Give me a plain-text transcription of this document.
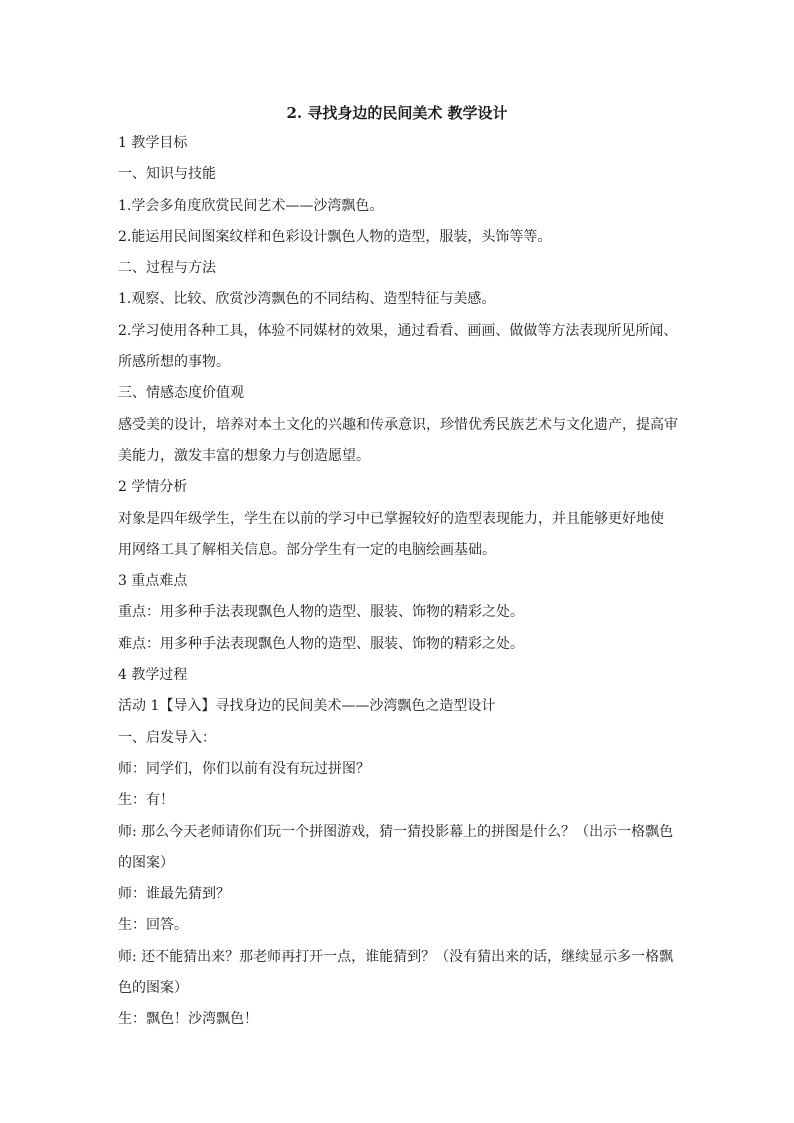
2. 寻找身边的民间美术 教学设计
1 教学目标
一、知识与技能
1.学会多角度欣赏民间艺术——沙湾飘色。
2.能运用民间图案纹样和色彩设计飘色人物的造型，服装，头饰等等。
二、过程与方法
1.观察、比较、欣赏沙湾飘色的不同结构、造型特征与美感。
2.学习使用各种工具，体验不同媒材的效果，通过看看、画画、做做等方法表现所见所闻、
所感所想的事物。
三、情感态度价值观
感受美的设计，培养对本土文化的兴趣和传承意识，珍惜优秀民族艺术与文化遗产，提高审
美能力，激发丰富的想象力与创造愿望。
2 学情分析
对象是四年级学生，学生在以前的学习中已掌握较好的造型表现能力，并且能够更好地使
用网络工具了解相关信息。部分学生有一定的电脑绘画基础。
3 重点难点
重点：用多种手法表现飘色人物的造型、服装、饰物的精彩之处。
难点：用多种手法表现飘色人物的造型、服装、饰物的精彩之处。
4 教学过程
活动 1【导入】寻找身边的民间美术——沙湾飘色之造型设计
一、启发导入：
师：同学们，你们以前有没有玩过拼图？
生：有！
师: 那么今天老师请你们玩一个拼图游戏，猜一猜投影幕上的拼图是什么？（出示一格飘色
的图案）
师：谁最先猜到？
生：回答。
师: 还不能猜出来？那老师再打开一点，谁能猜到？（没有猜出来的话，继续显示多一格飘
色的图案）
生：飘色！沙湾飘色！
